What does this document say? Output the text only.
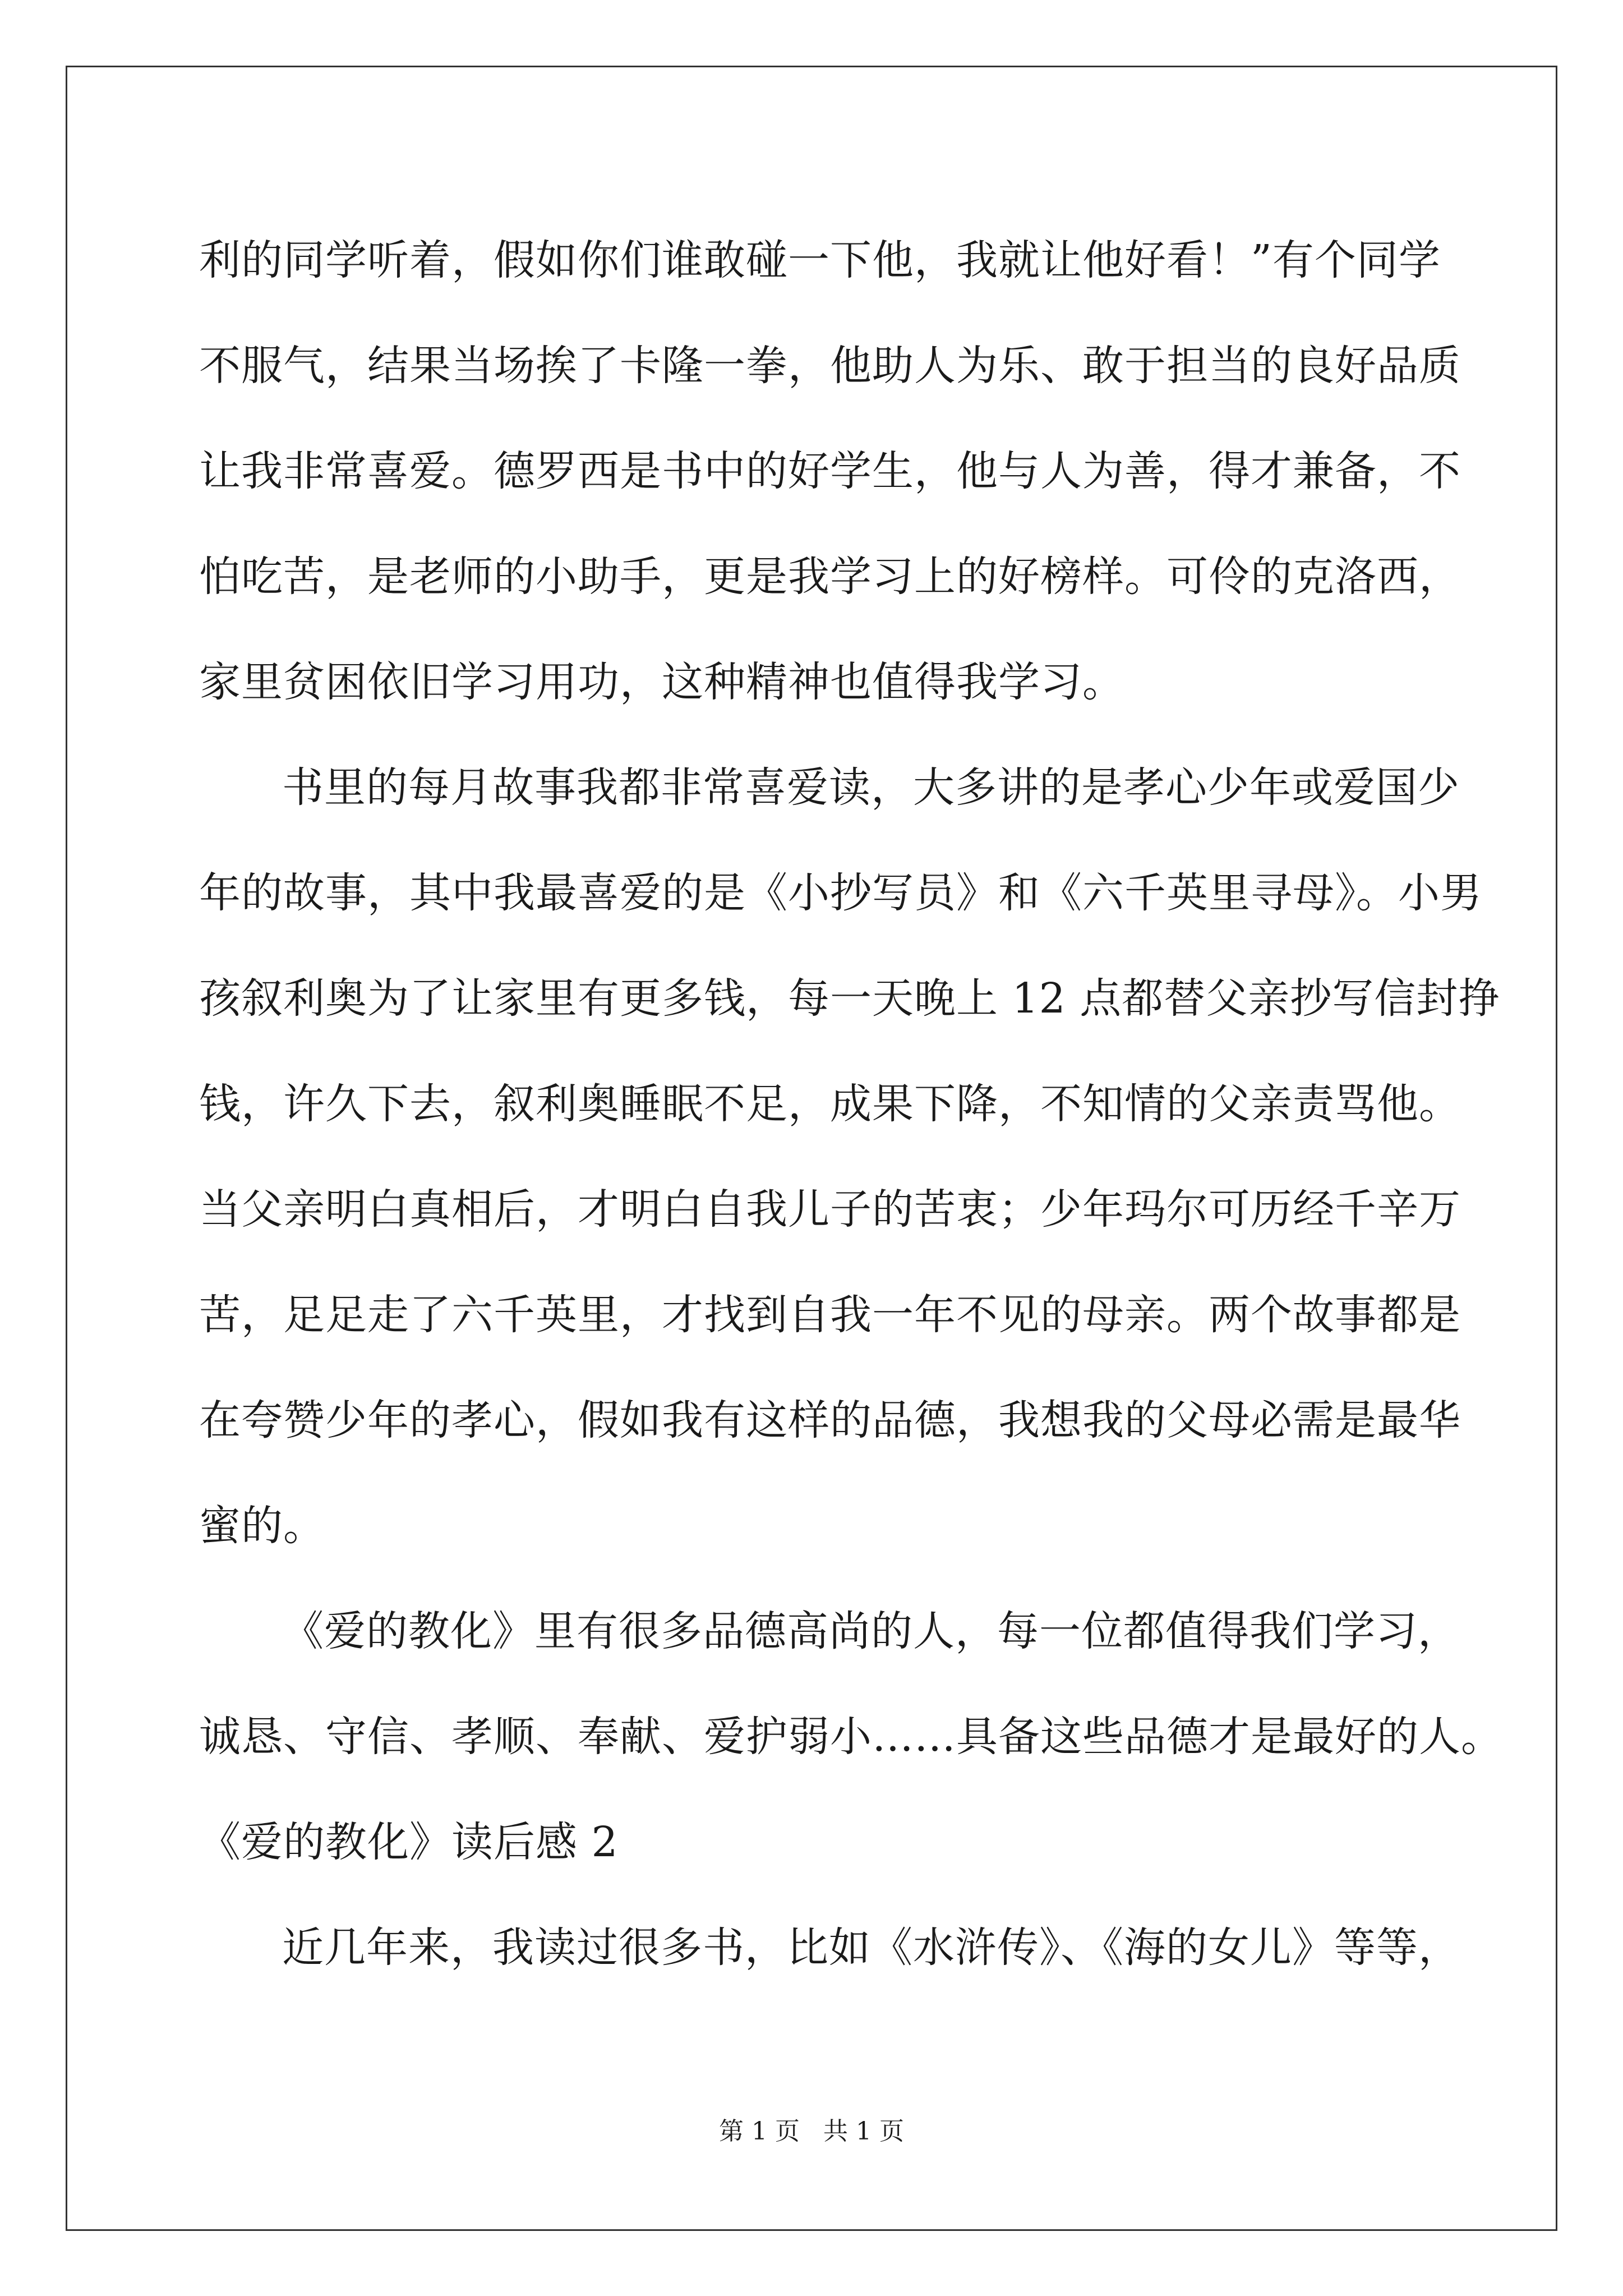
利的同学听着，假如你们谁敢碰一下他，我就让他好看！”有个同学
不服气，结果当场挨了卡隆一拳，他助人为乐、敢于担当的良好品质
让我非常喜爱。德罗西是书中的好学生，他与人为善，得才兼备，不
怕吃苦，是老师的小助手，更是我学习上的好榜样。可伶的克洛西，
家里贫困依旧学习用功，这种精神也值得我学习。
书里的每月故事我都非常喜爱读，大多讲的是孝心少年或爱国少
年的故事，其中我最喜爱的是《小抄写员》和《六千英里寻母》。小男
孩叙利奥为了让家里有更多钱，每一天晚上 12 点都替父亲抄写信封挣
钱，许久下去，叙利奥睡眠不足，成果下降，不知情的父亲责骂他。
当父亲明白真相后，才明白自我儿子的苦衷；少年玛尔可历经千辛万
苦，足足走了六千英里，才找到自我一年不见的母亲。两个故事都是
在夸赞少年的孝心，假如我有这样的品德，我想我的父母必需是最华
蜜的。
《爱的教化》里有很多品德高尚的人，每一位都值得我们学习，
诚恳、守信、孝顺、奉献、爱护弱小……具备这些品德才是最好的人。
《爱的教化》读后感 2
近几年来，我读过很多书，比如《水浒传》、《海的女儿》等等，
第 1 页   共 1 页
